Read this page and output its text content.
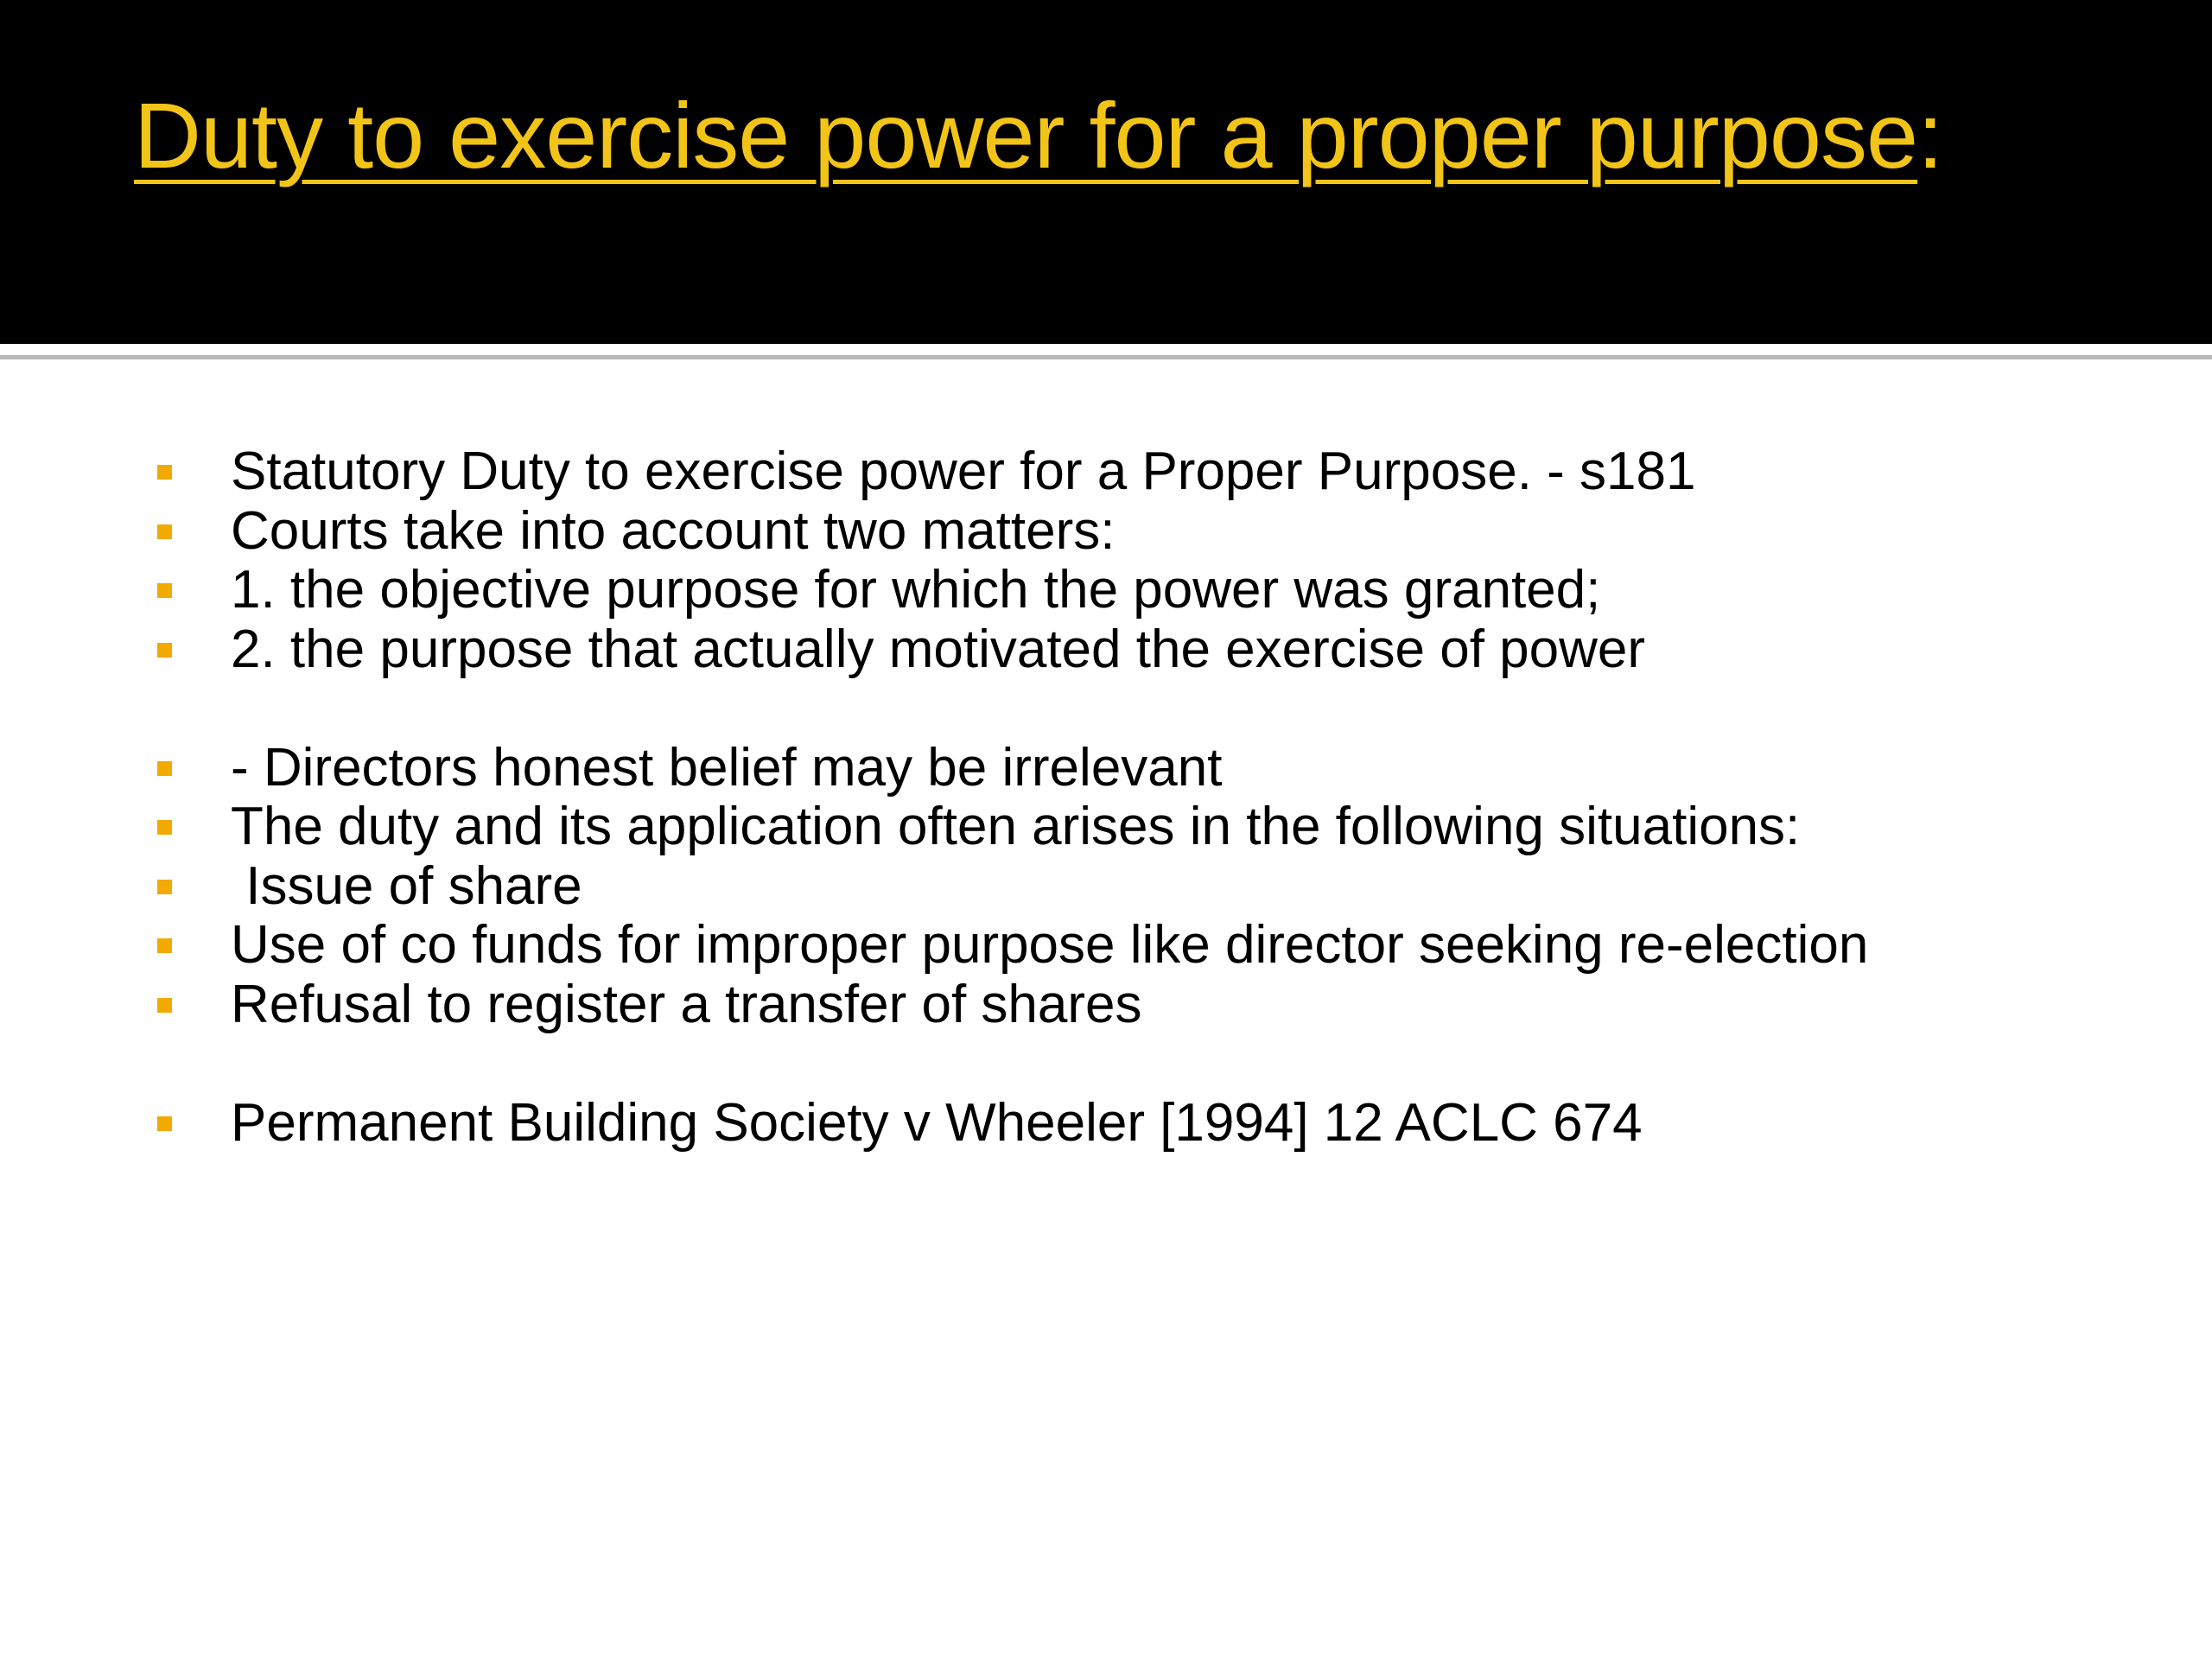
Duty to exercise power for a proper purpose:
Statutory Duty to exercise power for a Proper Purpose. - s181
Courts take into account two matters:
1. the objective purpose for which the power was granted;
2. the purpose that actually motivated the exercise of power
- Directors honest belief may be irrelevant
The duty and its application often arises in the following situations:
Issue of share
Use of co funds for improper purpose like director seeking re-election
Refusal to register a transfer of shares
Permanent Building Society v Wheeler [1994] 12 ACLC 674
